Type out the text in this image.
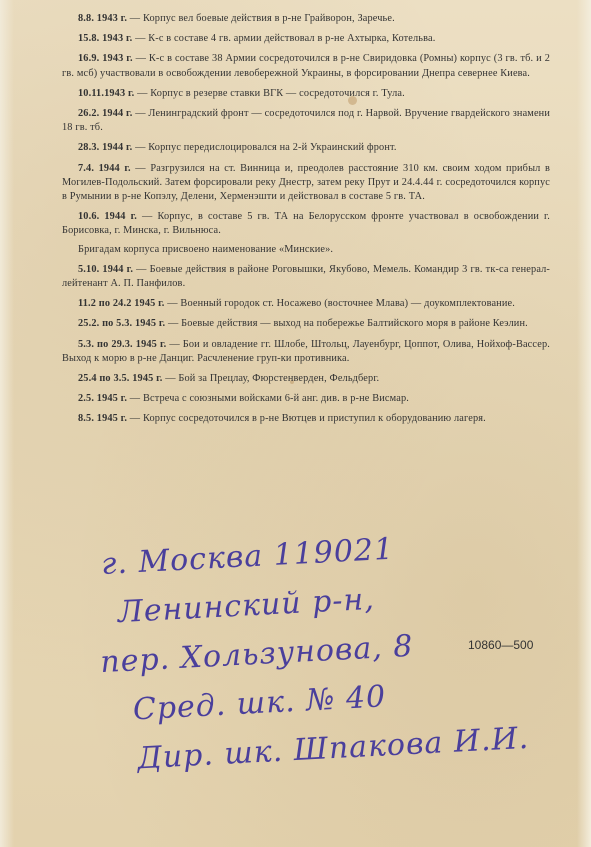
8.8. 1943 г. — Корпус вел боевые действия в р-не Грайворон, Заречье.

15.8. 1943 г. — К-с в составе 4 гв. армии действовал в р-не Ахтырка, Котельва.

16.9. 1943 г. — К-с в составе 38 Армии сосредоточился в р-не Свиридовка (Ромны) корпус (3 гв. тб. и 2 гв. мсб) участвовали в освобождении левобережной Украины, в форсировании Днепра севернее Киева.

10.11.1943 г. — Корпус в резерве ставки ВГК — сосредоточился г. Тула.

26.2. 1944 г. — Ленинградский фронт — сосредоточился под г. Нарвой. Вручение гвардейского знамени 18 гв. тб.

28.3. 1944 г. — Корпус передислоцировался на 2-й Украинский фронт.

7.4. 1944 г. — Разгрузился на ст. Винница и, преодолев расстояние 310 км. своим ходом прибыл в Могилев-Подольский. Затем форсировали реку Днестр, затем реку Прут и 24.4.44 г. сосредоточился корпус в Румынии в р-не Копэлу, Делени, Херменэшти и действовал в составе 5 гв. ТА.

10.6. 1944 г. — Корпус, в составе 5 гв. ТА на Белорусском фронте участвовал в освобождении г. Борисовка, г. Минска, г. Вильнюса.

Бригадам корпуса присвоено наименование «Минские».

5.10. 1944 г. — Боевые действия в районе Роговышки, Якубово, Мемель. Командир 3 гв. тк-са генерал-лейтенант А. П. Панфилов.

11.2 по 24.2 1945 г. — Военный городок ст. Носажево (восточнее Млава) — доукомплектование.

25.2. по 5.3. 1945 г. — Боевые действия — выход на побережье Балтийского моря в районе Кеэлин.

5.3. по 29.3. 1945 г. — Бои и овладение гг. Шлобе, Штольц, Лауенбург, Цоппот, Олива, Нойхоф-Вассер. Выход к морю в р-не Данциг. Расчленение груп-ки противника.

25.4 по 3.5. 1945 г. — Бой за Прецлау, Фюрстенверден, Фельдберг.

2.5. 1945 г. — Встреча с союзными войсками 6-й анг. див. в р-не Висмар.

8.5. 1945 г. — Корпус сосредоточился в р-не Вютцев и приступил к оборудованию лагеря.

г. Москва 119021
Ленинский р-н,
пер. Хользунова, 8
Сред. шк. № 40
Дир. шк. Шпакова И.И.
10860—500
